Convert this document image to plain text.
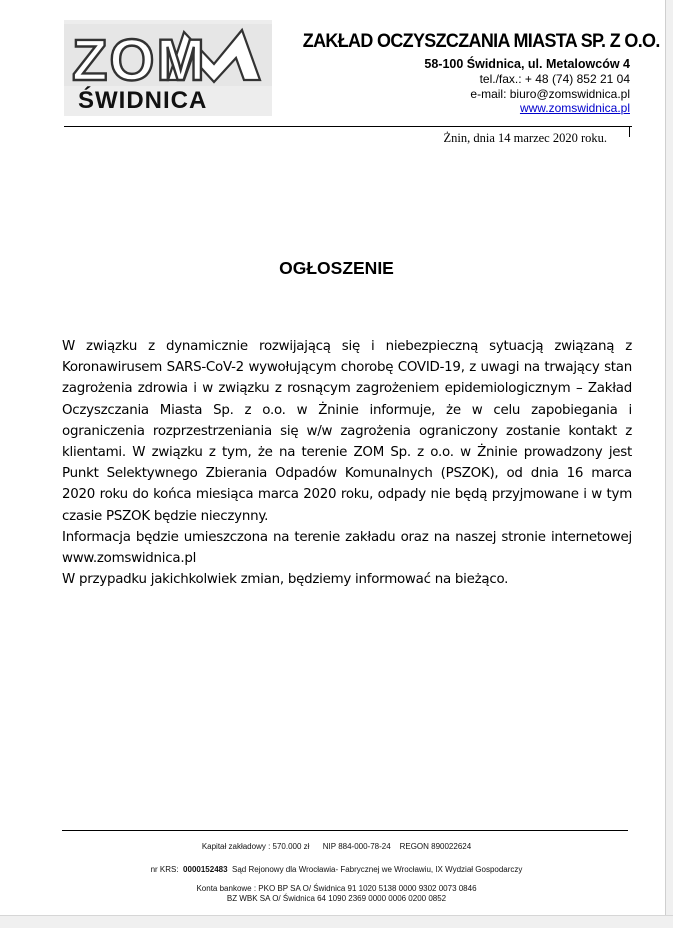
ZOM
ŚWIDNICA
ZAKŁAD OCZYSZCZANIA MIASTA SP. Z O.O.
58-100 Świdnica, ul. Metalowców 4
tel./fax.: + 48 (74) 852 21 04
e-mail: biuro@zomswidnica.pl
www.zomswidnica.pl
Żnin, dnia 14 marzec 2020 roku.
OGŁOSZENIE

W związku z dynamicznie rozwijającą się i niebezpieczną sytuacją związaną z Koronawirusem SARS-CoV-2 wywołującym chorobę COVID-19, z uwagi na trwający stan zagrożenia zdrowia i w związku z rosnącym zagrożeniem epidemiologicznym – Zakład Oczyszczania Miasta Sp. z o.o. w Żninie informuje, że w celu zapobiegania i ograniczenia rozprzestrzeniania się w/w zagrożenia ograniczony zostanie kontakt z klientami. W związku z tym, że na terenie ZOM Sp. z o.o. w Żninie prowadzony jest Punkt Selektywnego Zbierania Odpadów Komunalnych (PSZOK), od dnia 16 marca 2020 roku do końca miesiąca marca 2020 roku, odpady nie będą przyjmowane i w tym czasie PSZOK będzie nieczynny.

Informacja będzie umieszczona na terenie zakładu oraz na naszej stronie internetowej www.zomswidnica.pl

W przypadku jakichkolwiek zmian, będziemy informować na bieżąco.

Kapitał zakładowy : 570.000 zł NIP 884-000-78-24 REGON 890022624
nr KRS: 0000152483 Sąd Rejonowy dla Wrocławia- Fabrycznej we Wrocławiu, IX Wydział Gospodarczy
Konta bankowe : PKO BP SA O/ Świdnica 91 1020 5138 0000 9302 0073 0846
BZ WBK SA O/ Świdnica 64 1090 2369 0000 0006 0200 0852
